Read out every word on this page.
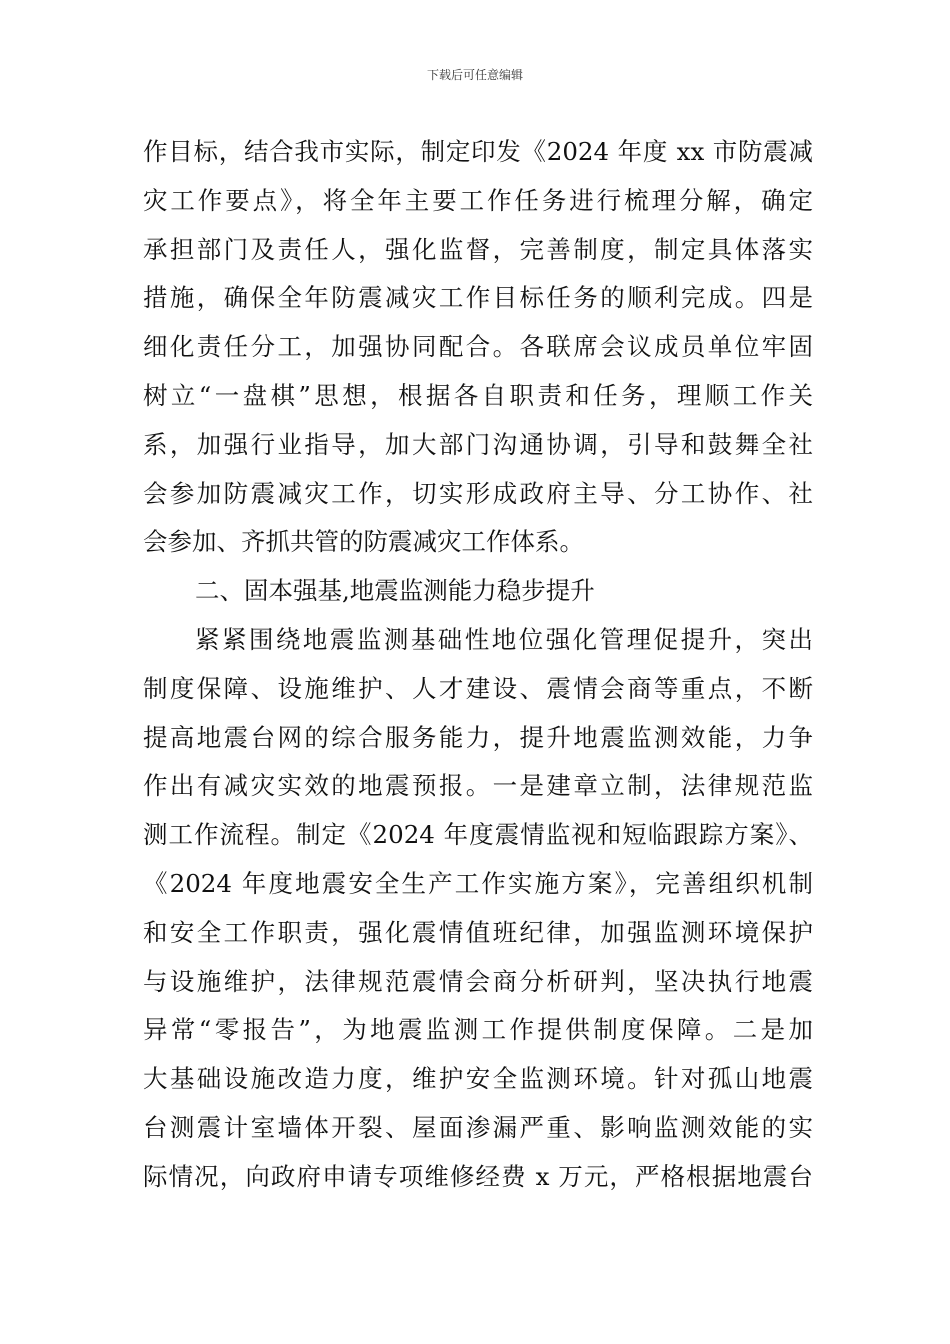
下载后可任意编辑
作目标，结合我市实际，制定印发《2024 年度 xx 市防震减
灾工作要点》，将全年主要工作任务进行梳理分解，确定
承担部门及责任人，强化监督，完善制度，制定具体落实
措施，确保全年防震减灾工作目标任务的顺利完成。四是
细化责任分工，加强协同配合。各联席会议成员单位牢固
树立“一盘棋”思想，根据各自职责和任务，理顺工作关
系，加强行业指导，加大部门沟通协调，引导和鼓舞全社
会参加防震减灾工作，切实形成政府主导、分工协作、社
会参加、齐抓共管的防震减灾工作体系。
二、固本强基,地震监测能力稳步提升
紧紧围绕地震监测基础性地位强化管理促提升，突出
制度保障、设施维护、人才建设、震情会商等重点，不断
提高地震台网的综合服务能力，提升地震监测效能，力争
作出有减灾实效的地震预报。一是建章立制，法律规范监
测工作流程。制定《2024 年度震情监视和短临跟踪方案》、
《2024 年度地震安全生产工作实施方案》，完善组织机制
和安全工作职责，强化震情值班纪律，加强监测环境保护
与设施维护，法律规范震情会商分析研判，坚决执行地震
异常“零报告”，为地震监测工作提供制度保障。二是加
大基础设施改造力度，维护安全监测环境。针对孤山地震
台测震计室墙体开裂、屋面渗漏严重、影响监测效能的实
际情况，向政府申请专项维修经费 x 万元，严格根据地震台
